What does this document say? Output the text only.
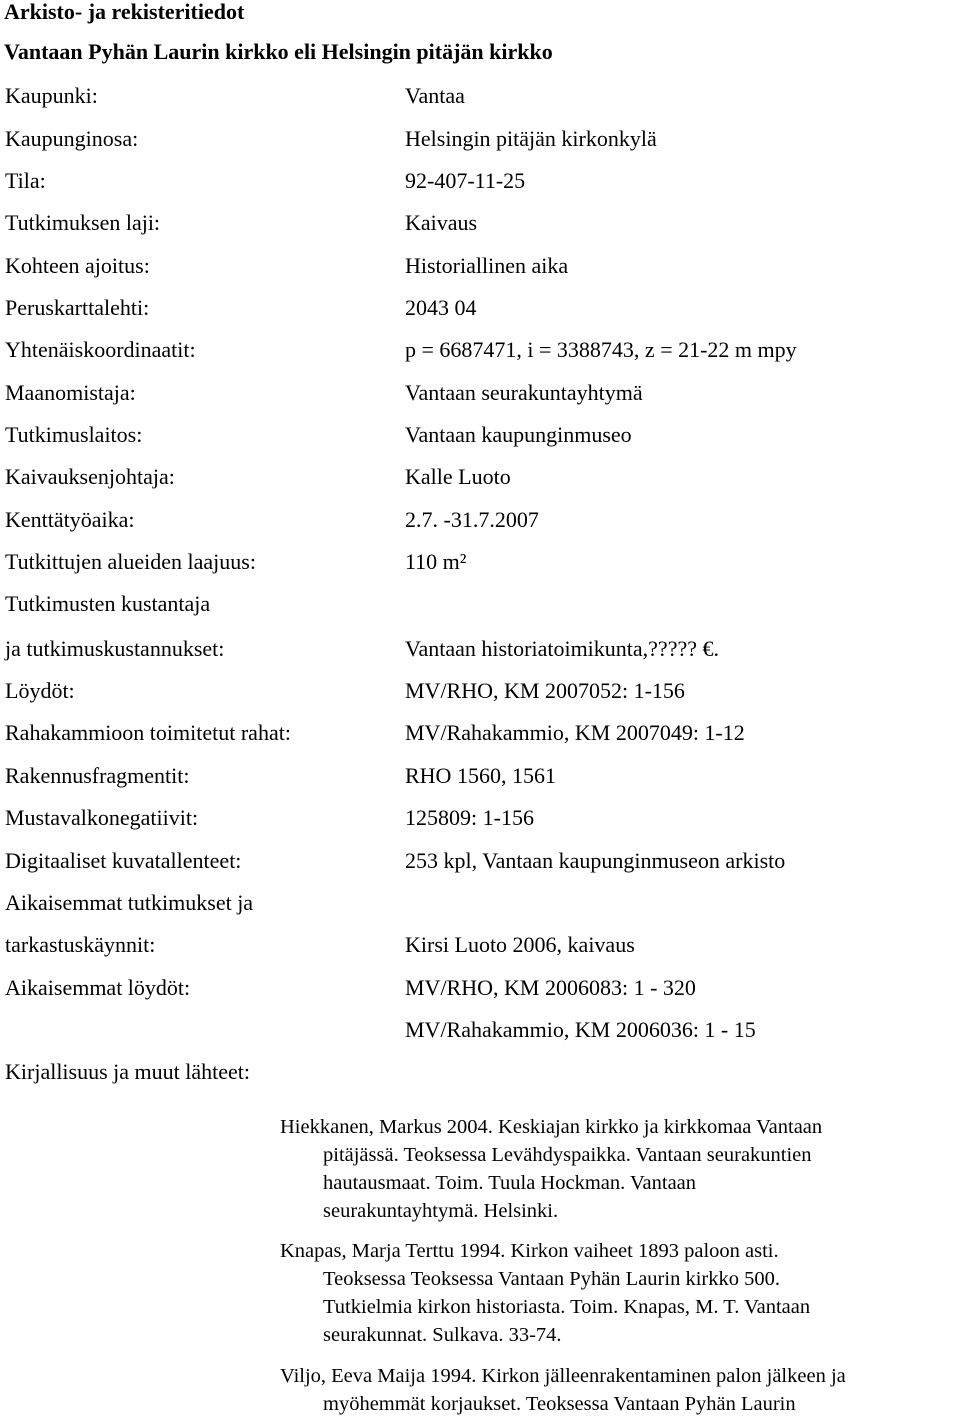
Arkisto- ja rekisteritiedot
Vantaan Pyhän Laurin kirkko eli Helsingin pitäjän kirkko
Kaupunki:
Kaupunginosa:
Tila:
Tutkimuksen laji:
Kohteen ajoitus:
Peruskarttalehti:
Yhtenäiskoordinaatit:
Maanomistaja:
Tutkimuslaitos:
Kaivauksenjohtaja:
Kenttätyöaika:
Tutkittujen alueiden laajuus:
Tutkimusten kustantaja
ja tutkimuskustannukset:
Löydöt:
Rahakammioon toimitetut rahat:
Rakennusfragmentit:
Mustavalkonegatiivit:
Digitaaliset kuvatallenteet:
Aikaisemmat tutkimukset ja
tarkastuskäynnit:
Aikaisemmat löydöt:
Kirjallisuus ja muut lähteet:
Vantaa
Helsingin pitäjän kirkonkylä
92-407-11-25
Kaivaus
Historiallinen aika
2043 04
p = 6687471, i = 3388743, z = 21-22 m mpy
Vantaan seurakuntayhtymä
Vantaan kaupunginmuseo
Kalle Luoto
2.7. -31.7.2007
110 m²
Vantaan historiatoimikunta,????? €.
MV/RHO, KM 2007052: 1-156
MV/Rahakammio, KM 2007049: 1-12
RHO 1560, 1561
125809: 1-156
253 kpl, Vantaan kaupunginmuseon arkisto
Kirsi Luoto 2006, kaivaus
MV/RHO, KM 2006083: 1 - 320
MV/Rahakammio, KM 2006036: 1 - 15
Hiekkanen, Markus 2004. Keskiajan kirkko ja kirkkomaa Vantaan
pitäjässä. Teoksessa Levähdyspaikka. Vantaan seurakuntien
hautausmaat. Toim. Tuula Hockman. Vantaan
seurakuntayhtymä. Helsinki.
Knapas, Marja Terttu 1994. Kirkon vaiheet 1893 paloon asti.
Teoksessa Teoksessa Vantaan Pyhän Laurin kirkko 500.
Tutkielmia kirkon historiasta. Toim. Knapas, M. T. Vantaan
seurakunnat. Sulkava. 33-74.
Viljo, Eeva Maija 1994. Kirkon jälleenrakentaminen palon jälkeen ja
myöhemmät korjaukset. Teoksessa Vantaan Pyhän Laurin
